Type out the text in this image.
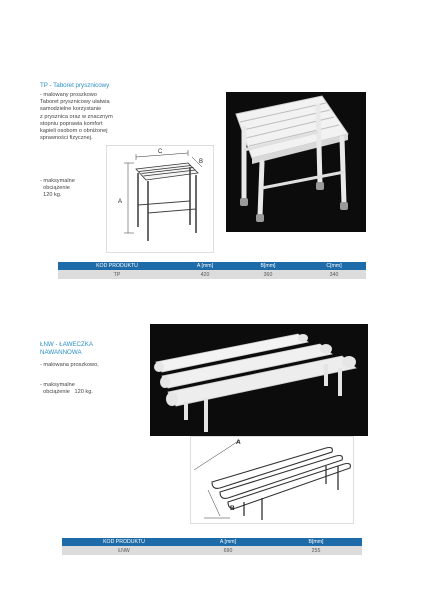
TP - Taboret prysznicowy
- malowany proszkowo
Taboret prysznicowy ułatwia
samodzielne korzystanie
z prysznica oraz w znacznym
stopniu poprawia komfort
kąpieli osobom o obniżonej
sprawności fizycznej.
- maksymalne
obciążenie
120 kg.
A
C
B
KOD PRODUKTU	A [mm]	B[mm]	C[mm]
TP	420	360	340
ŁNW - ŁAWECZKA
NAWANNOWA
- malowana proszkowo,
- maksymalne
obciążenie   120 kg.
A
B
KOD PRODUKTU	A [mm]	B[mm]
ŁNW	690	255
